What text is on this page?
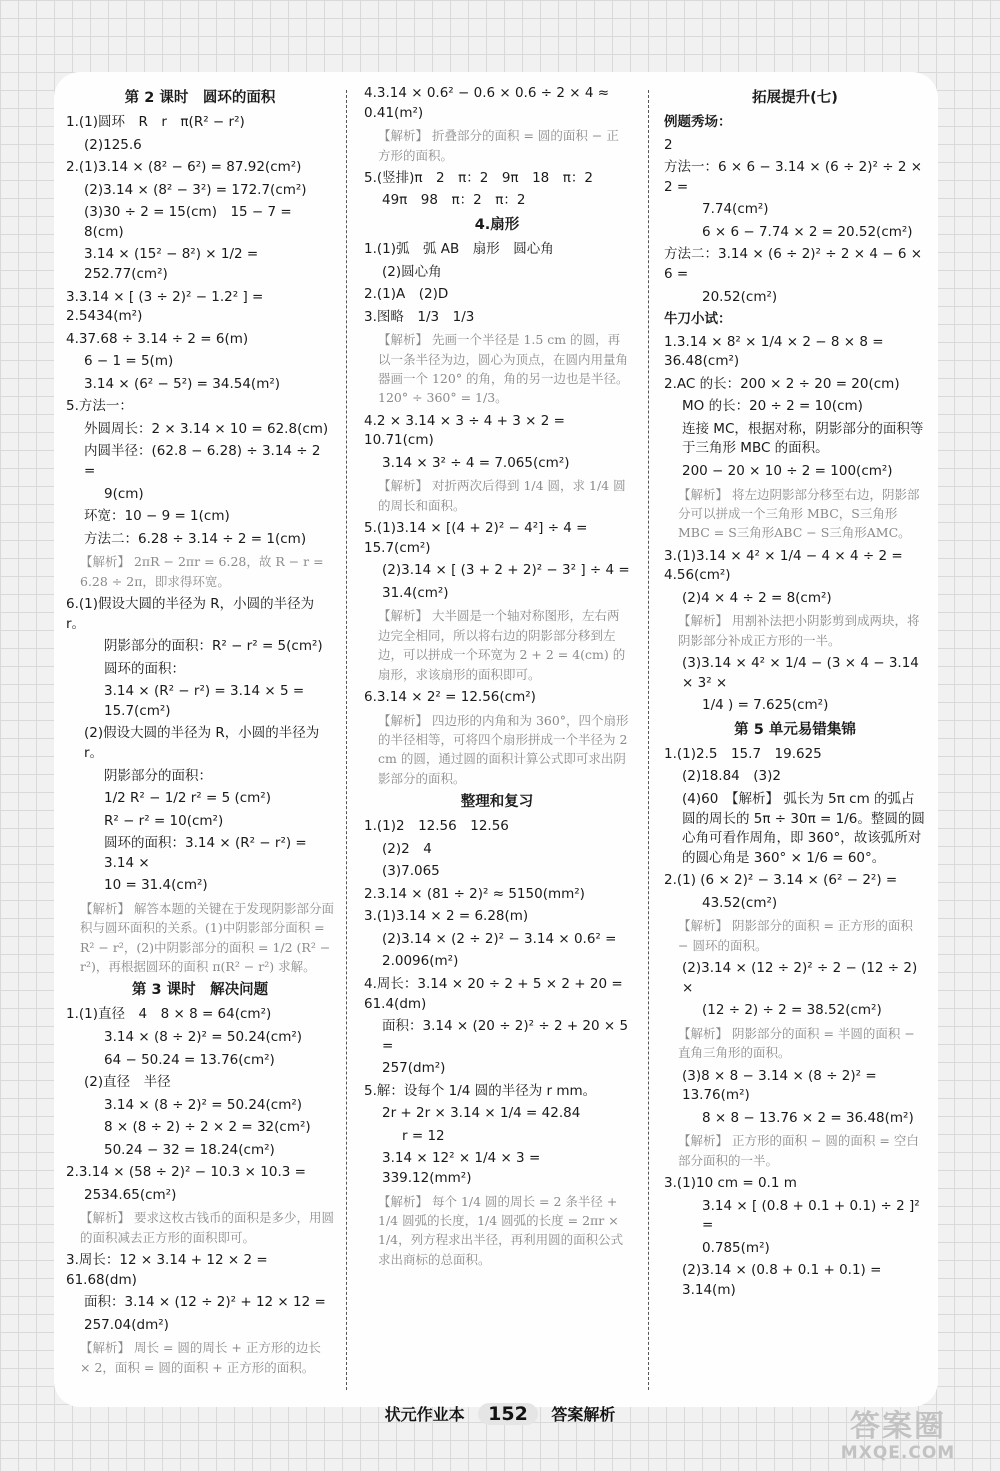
第 2 课时　圆环的面积
1.(1)圆环　R　r　π(R² − r²)
(2)125.6
2.(1)3.14 × (8² − 6²) = 87.92(cm²)
(2)3.14 × (8² − 3²) = 172.7(cm²)
(3)30 ÷ 2 = 15(cm)　15 − 7 = 8(cm)
3.14 × (15² − 8²) × 1/2 = 252.77(cm²)
3.3.14 × [ (3 ÷ 2)² − 1.2² ] = 2.5434(m²)
4.37.68 ÷ 3.14 ÷ 2 = 6(m)
6 − 1 = 5(m)
3.14 × (6² − 5²) = 34.54(m²)
5.方法一：
外圆周长：2 × 3.14 × 10 = 62.8(cm)
内圆半径：(62.8 − 6.28) ÷ 3.14 ÷ 2 =
9(cm)
环宽：10 − 9 = 1(cm)
方法二：6.28 ÷ 3.14 ÷ 2 = 1(cm)
【解析】 2πR − 2πr = 6.28，故 R − r = 6.28 ÷ 2π，即求得环宽。
6.(1)假设大圆的半径为 R，小圆的半径为 r。
阴影部分的面积：R² − r² = 5(cm²)
圆环的面积：
3.14 × (R² − r²) = 3.14 × 5 = 15.7(cm²)
(2)假设大圆的半径为 R，小圆的半径为 r。
阴影部分的面积：
1/2 R² − 1/2 r² = 5 (cm²)
R² − r² = 10(cm²)
圆环的面积：3.14 × (R² − r²) = 3.14 ×
10 = 31.4(cm²)
【解析】 解答本题的关键在于发现阴影部分面积与圆环面积的关系。(1)中阴影部分面积 = R² − r²，(2)中阴影部分的面积 = 1/2 (R² − r²)，再根据圆环的面积 π(R² − r²) 求解。
第 3 课时　解决问题
1.(1)直径　4　8 × 8 = 64(cm²)
3.14 × (8 ÷ 2)² = 50.24(cm²)
64 − 50.24 = 13.76(cm²)
(2)直径　半径
3.14 × (8 ÷ 2)² = 50.24(cm²)
8 × (8 ÷ 2) ÷ 2 × 2 = 32(cm²)
50.24 − 32 = 18.24(cm²)
2.3.14 × (58 ÷ 2)² − 10.3 × 10.3 =
2534.65(cm²)
【解析】 要求这枚古钱币的面积是多少，用圆的面积减去正方形的面积即可。
3.周长：12 × 3.14 + 12 × 2 = 61.68(dm)
面积：3.14 × (12 ÷ 2)² + 12 × 12 =
257.04(dm²)
【解析】 周长 = 圆的周长 + 正方形的边长 × 2，面积 = 圆的面积 + 正方形的面积。
4.3.14 × 0.6² − 0.6 × 0.6 ÷ 2 × 4 ≈ 0.41(m²)
【解析】 折叠部分的面积 = 圆的面积 − 正方形的面积。
5.(竖排)π　2　π：2　9π　18　π：2
49π　98　π：2　π：2
4.扇形
1.(1)弧　弧 AB　扇形　圆心角
(2)圆心角
2.(1)A　(2)D
3.图略　1/3　1/3
【解析】 先画一个半径是 1.5 cm 的圆，再以一条半径为边，圆心为顶点，在圆内用量角器画一个 120° 的角，角的另一边也是半径。120° ÷ 360° = 1/3。
4.2 × 3.14 × 3 ÷ 4 + 3 × 2 = 10.71(cm)
3.14 × 3² ÷ 4 = 7.065(cm²)
【解析】 对折两次后得到 1/4 圆，求 1/4 圆的周长和面积。
5.(1)3.14 × [(4 + 2)² − 4²] ÷ 4 = 15.7(cm²)
(2)3.14 × [ (3 + 2 + 2)² − 3² ] ÷ 4 =
31.4(cm²)
【解析】 大半圆是一个轴对称图形，左右两边完全相同，所以将右边的阴影部分移到左边，可以拼成一个环宽为 2 + 2 = 4(cm) 的扇形，求该扇形的面积即可。
6.3.14 × 2² = 12.56(cm²)
【解析】 四边形的内角和为 360°，四个扇形的半径相等，可将四个扇形拼成一个半径为 2 cm 的圆，通过圆的面积计算公式即可求出阴影部分的面积。
整理和复习
1.(1)2　12.56　12.56
(2)2　4
(3)7.065
2.3.14 × (81 ÷ 2)² ≈ 5150(mm²)
3.(1)3.14 × 2 = 6.28(m)
(2)3.14 × (2 ÷ 2)² − 3.14 × 0.6² =
2.0096(m²)
4.周长：3.14 × 20 ÷ 2 + 5 × 2 + 20 = 61.4(dm)
面积：3.14 × (20 ÷ 2)² ÷ 2 + 20 × 5 =
257(dm²)
5.解：设每个 1/4 圆的半径为 r mm。
2r + 2r × 3.14 × 1/4 = 42.84
r = 12
3.14 × 12² × 1/4 × 3 = 339.12(mm²)
【解析】 每个 1/4 圆的周长 = 2 条半径 + 1/4 圆弧的长度，1/4 圆弧的长度 = 2πr × 1/4，列方程求出半径，再利用圆的面积公式求出商标的总面积。
拓展提升(七)
例题秀场：
2
方法一：6 × 6 − 3.14 × (6 ÷ 2)² ÷ 2 × 2 =
7.74(cm²)
6 × 6 − 7.74 × 2 = 20.52(cm²)
方法二：3.14 × (6 ÷ 2)² ÷ 2 × 4 − 6 × 6 =
20.52(cm²)
牛刀小试：
1.3.14 × 8² × 1/4 × 2 − 8 × 8 = 36.48(cm²)
2.AC 的长：200 × 2 ÷ 20 = 20(cm)
MO 的长：20 ÷ 2 = 10(cm)
连接 MC，根据对称，阴影部分的面积等于三角形 MBC 的面积。
200 − 20 × 10 ÷ 2 = 100(cm²)
【解析】 将左边阴影部分移至右边，阴影部分可以拼成一个三角形 MBC，S三角形MBC = S三角形ABC − S三角形AMC。
3.(1)3.14 × 4² × 1/4 − 4 × 4 ÷ 2 = 4.56(cm²)
(2)4 × 4 ÷ 2 = 8(cm²)
【解析】 用割补法把小阴影剪到成两块，将阴影部分补成正方形的一半。
(3)3.14 × 4² × 1/4 − (3 × 4 − 3.14 × 3² ×
1/4 ) = 7.625(cm²)
第 5 单元易错集锦
1.(1)2.5　15.7　19.625
(2)18.84　(3)2
(4)60　【解析】 弧长为 5π cm 的弧占圆的周长的 5π ÷ 30π = 1/6。整圆的圆心角可看作周角，即 360°，故该弧所对的圆心角是 360° × 1/6 = 60°。
2.(1) (6 × 2)² − 3.14 × (6² − 2²) =
43.52(cm²)
【解析】 阴影部分的面积 = 正方形的面积 − 圆环的面积。
(2)3.14 × (12 ÷ 2)² ÷ 2 − (12 ÷ 2) ×
(12 ÷ 2) ÷ 2 = 38.52(cm²)
【解析】 阴影部分的面积 = 半圆的面积 − 直角三角形的面积。
(3)8 × 8 − 3.14 × (8 ÷ 2)² = 13.76(m²)
8 × 8 − 13.76 × 2 = 36.48(m²)
【解析】 正方形的面积 − 圆的面积 = 空白部分面积的一半。
3.(1)10 cm = 0.1 m
3.14 × [ (0.8 + 0.1 + 0.1) ÷ 2 ]² =
0.785(m²)
(2)3.14 × (0.8 + 0.1 + 0.1) = 3.14(m)
状元作业本 152 答案解析	答案圈
MXQE.COM
